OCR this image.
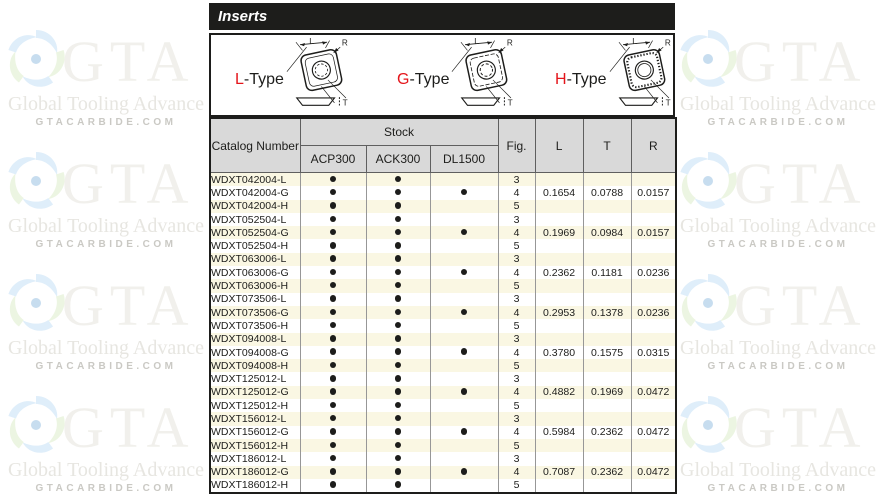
GTA
Global Tooling Advance
GTACARBIDE.COM
GTA
Global Tooling Advance
GTACARBIDE.COM
GTA
Global Tooling Advance
GTACARBIDE.COM
GTA
Global Tooling Advance
GTACARBIDE.COM
GTA
Global Tooling Advance
GTACARBIDE.COM
GTA
Global Tooling Advance
GTACARBIDE.COM
GTA
Global Tooling Advance
GTACARBIDE.COM
GTA
Global Tooling Advance
GTACARBIDE.COM
Inserts
L-Type
L	R
T
G-Type
L	R
T
H-Type
L	R
T
Catalog Number	Stock			Fig.	L	T	R
	ACP300	ACK300	DL1500				
WDXT042004-L				3			
WDXT042004-G				4	0.1654	0.0788	0.0157
WDXT042004-H				5			
WDXT052504-L				3			
WDXT052504-G				4	0.1969	0.0984	0.0157
WDXT052504-H				5			
WDXT063006-L				3			
WDXT063006-G				4	0.2362	0.1181	0.0236
WDXT063006-H				5			
WDXT073506-L				3			
WDXT073506-G				4	0.2953	0.1378	0.0236
WDXT073506-H				5			
WDXT094008-L				3			
WDXT094008-G				4	0.3780	0.1575	0.0315
WDXT094008-H				5			
WDXT125012-L				3			
WDXT125012-G				4	0.4882	0.1969	0.0472
WDXT125012-H				5			
WDXT156012-L				3			
WDXT156012-G				4	0.5984	0.2362	0.0472
WDXT156012-H				5			
WDXT186012-L				3			
WDXT186012-G				4	0.7087	0.2362	0.0472
WDXT186012-H				5			
